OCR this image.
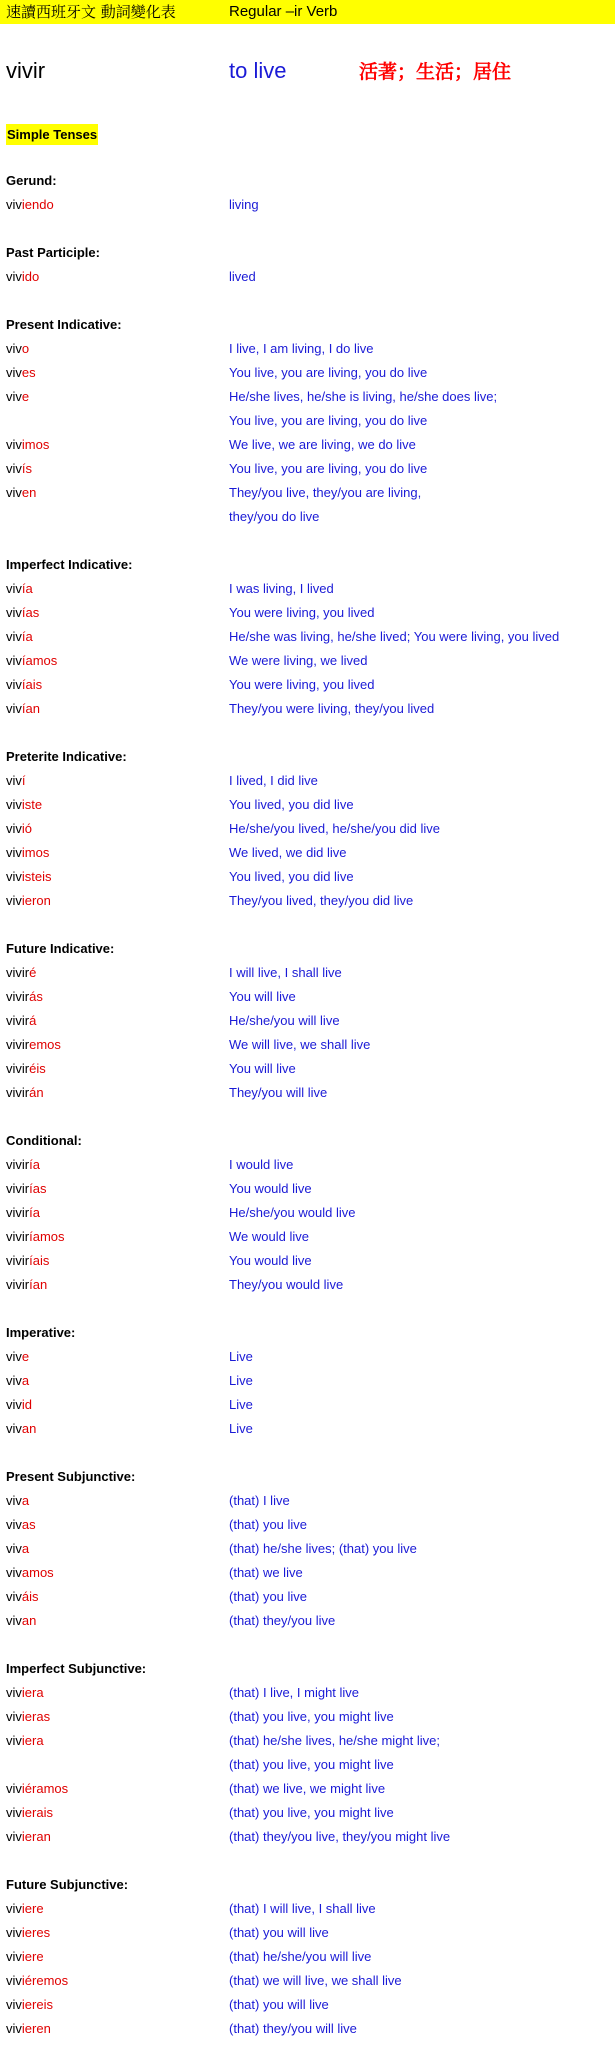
速讀西班牙文 動詞變化表	Regular –ir Verb
vivir	to live	活著；生活；居住
Simple Tenses
Gerund:
viviendo	living
Past Participle:
vivido	lived
Present Indicative:
vivo	I live, I am living, I do live
vives	You live, you are living, you do live
vive	He/she lives, he/she is living, he/she does live;
You live, you are living, you do live
vivimos	We live, we are living, we do live
vivís	You live, you are living, you do live
viven	They/you live, they/you are living,
they/you do live
Imperfect Indicative:
vivía	I was living, I lived
vivías	You were living, you lived
vivía	He/she was living, he/she lived; You were living, you lived
vivíamos	We were living, we lived
vivíais	You were living, you lived
vivían	They/you were living, they/you lived
Preterite Indicative:
viví	I lived, I did live
viviste	You lived, you did live
vivió	He/she/you lived, he/she/you did live
vivimos	We lived, we did live
vivisteis	You lived, you did live
vivieron	They/you lived, they/you did live
Future Indicative:
viviré	I will live, I shall live
vivirás	You will live
vivirá	He/she/you will live
viviremos	We will live, we shall live
viviréis	You will live
vivirán	They/you will live
Conditional:
viviría	I would live
vivirías	You would live
viviría	He/she/you would live
viviríamos	We would live
viviríais	You would live
vivirían	They/you would live
Imperative:
vive	Live
viva	Live
vivid	Live
vivan	Live
Present Subjunctive:
viva	(that) I live
vivas	(that) you live
viva	(that) he/she lives; (that) you live
vivamos	(that) we live
viváis	(that) you live
vivan	(that) they/you live
Imperfect Subjunctive:
viviera	(that) I live, I might live
vivieras	(that) you live, you might live
viviera	(that) he/she lives, he/she might live;
(that) you live, you might live
viviéramos	(that) we live, we might live
vivierais	(that) you live, you might live
vivieran	(that) they/you live, they/you might live
Future Subjunctive:
viviere	(that) I will live, I shall live
vivieres	(that) you will live
viviere	(that) he/she/you will live
viviéremos	(that) we will live, we shall live
viviereis	(that) you will live
vivieren	(that) they/you will live
